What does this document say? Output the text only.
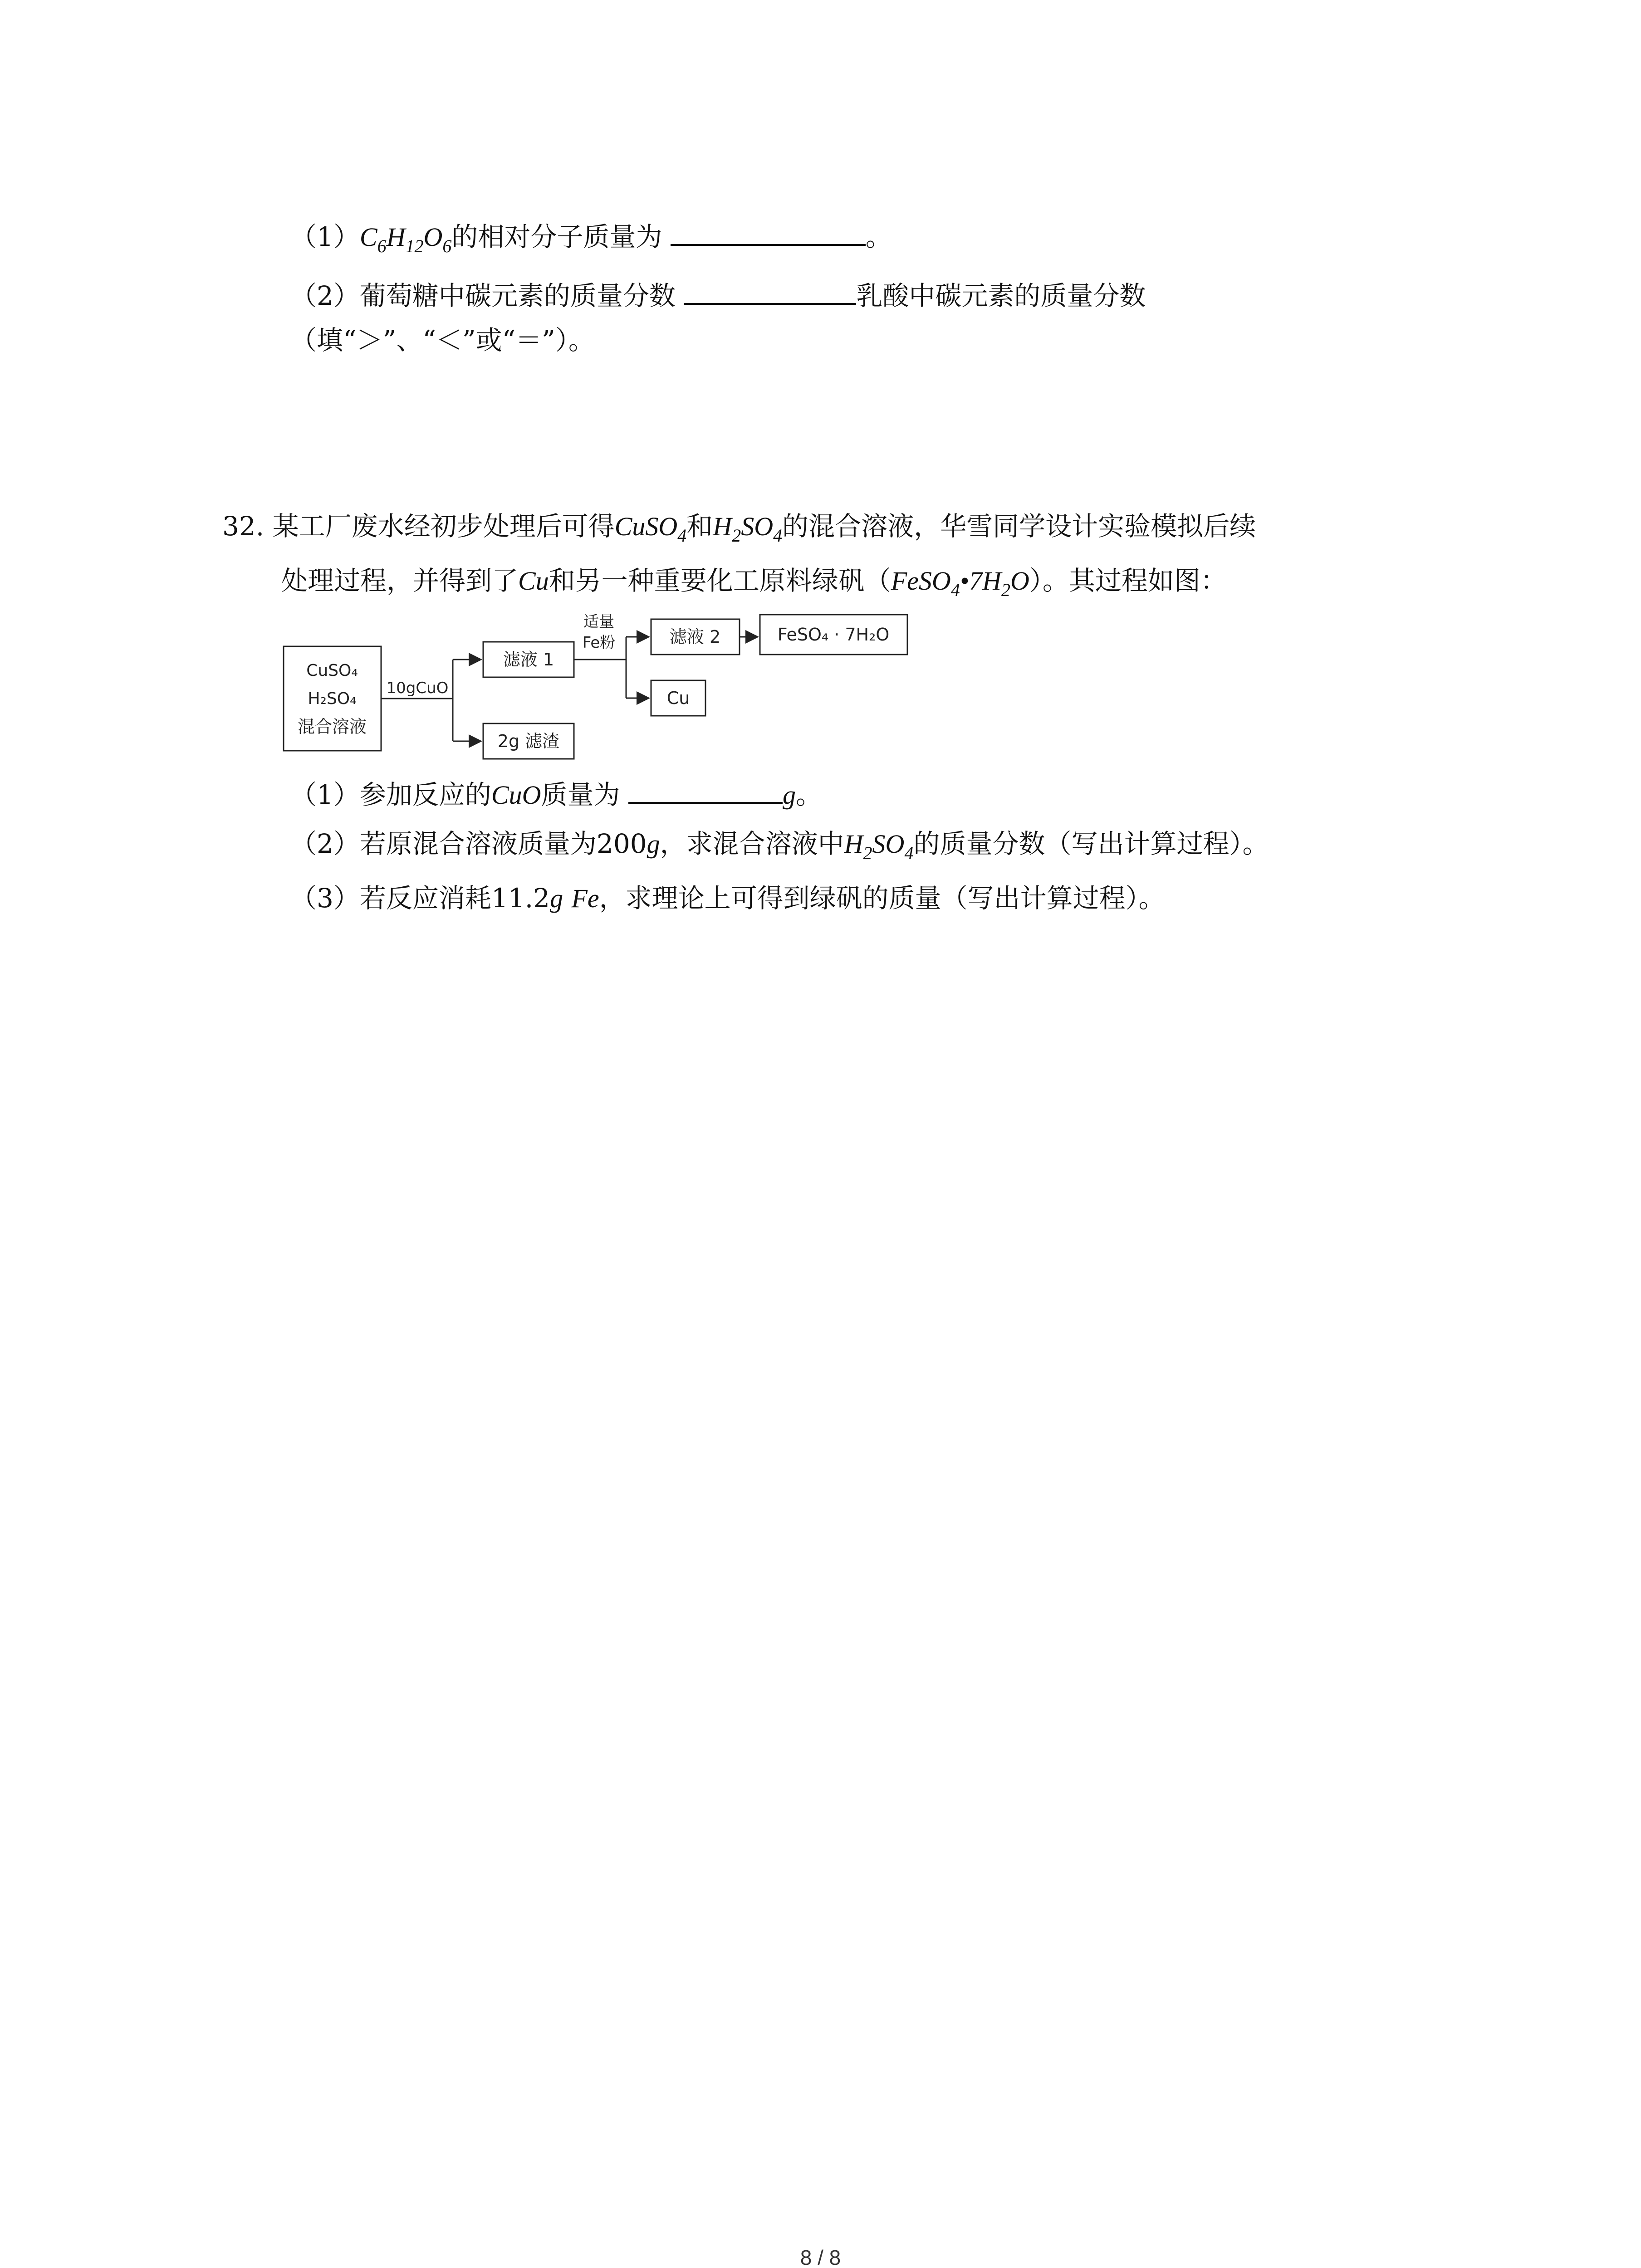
$(1)C_6H_{12}O_6$的相对分子质量为	。
（2）葡萄糖中碳元素的质量分数	乳酸中碳元素的质量分数
（填“＞”、“＜”或“＝”）。
32. 某工厂废水经初步处理后可得CuSO$_4$和$H_2SO_4$的混合溶液，华雪同学设计实验模拟后续
处理过程，并得到了Cu和另一种重要化工原料绿矾$(FeSO_4•7H_2O)$。其过程如图：
CuSO₄
H₂SO₄
混合溶液
10gCuO
滤液 1
2g 滤渣
适量
Fe粉	滤液 2
Cu
FeSO₄ · 7H₂O
（1）参加反应的CuO质量为	g。
（2）若原混合溶液质量为200g，求混合溶液中$H_2SO_4$的质量分数（写出计算过程）。
（3）若反应消耗11.2g Fe，求理论上可得到绿矾的质量（写出计算过程）。
8 / 8
